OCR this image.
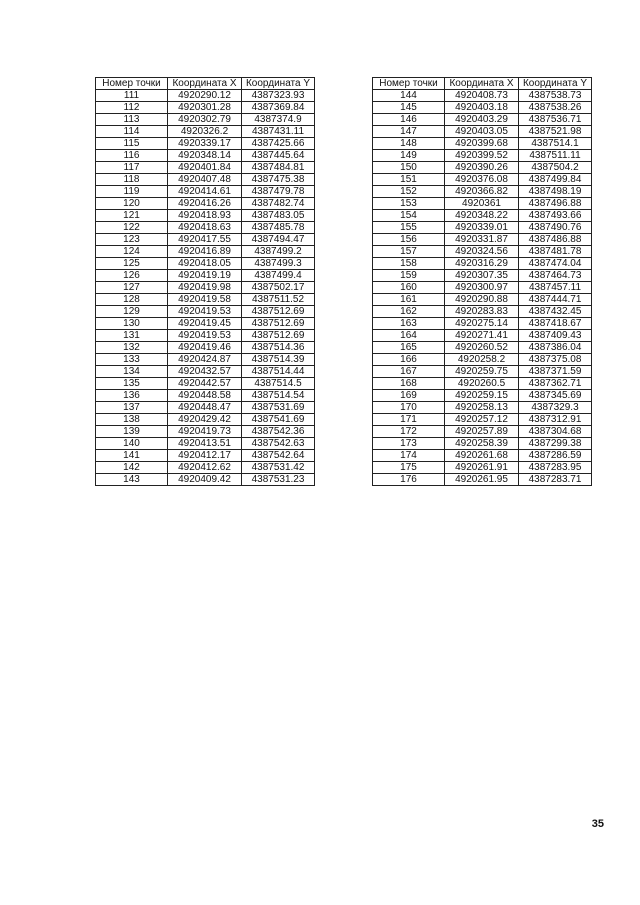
Номер точки	Координата X	Координата Y
111	4920290.12	4387323.93
112	4920301.28	4387369.84
113	4920302.79	4387374.9
114	4920326.2	4387431.11
115	4920339.17	4387425.66
116	4920348.14	4387445.64
117	4920401.84	4387484.81
118	4920407.48	4387475.38
119	4920414.61	4387479.78
120	4920416.26	4387482.74
121	4920418.93	4387483.05
122	4920418.63	4387485.78
123	4920417.55	4387494.47
124	4920416.89	4387499.2
125	4920418.05	4387499.3
126	4920419.19	4387499.4
127	4920419.98	4387502.17
128	4920419.58	4387511.52
129	4920419.53	4387512.69
130	4920419.45	4387512.69
131	4920419.53	4387512.69
132	4920419.46	4387514.36
133	4920424.87	4387514.39
134	4920432.57	4387514.44
135	4920442.57	4387514.5
136	4920448.58	4387514.54
137	4920448.47	4387531.69
138	4920429.42	4387541.69
139	4920419.73	4387542.36
140	4920413.51	4387542.63
141	4920412.17	4387542.64
142	4920412.62	4387531.42
143	4920409.42	4387531.23
Номер точки	Координата X	Координата Y
144	4920408.73	4387538.73
145	4920403.18	4387538.26
146	4920403.29	4387536.71
147	4920403.05	4387521.98
148	4920399.68	4387514.1
149	4920399.52	4387511.11
150	4920390.26	4387504.2
151	4920376.08	4387499.84
152	4920366.82	4387498.19
153	4920361	4387496.88
154	4920348.22	4387493.66
155	4920339.01	4387490.76
156	4920331.87	4387486.88
157	4920324.56	4387481.78
158	4920316.29	4387474.04
159	4920307.35	4387464.73
160	4920300.97	4387457.11
161	4920290.88	4387444.71
162	4920283.83	4387432.45
163	4920275.14	4387418.67
164	4920271.41	4387409.43
165	4920260.52	4387386.04
166	4920258.2	4387375.08
167	4920259.75	4387371.59
168	4920260.5	4387362.71
169	4920259.15	4387345.69
170	4920258.13	4387329.3
171	4920257.12	4387312.91
172	4920257.89	4387304.68
173	4920258.39	4387299.38
174	4920261.68	4387286.59
175	4920261.91	4387283.95
176	4920261.95	4387283.71
35
